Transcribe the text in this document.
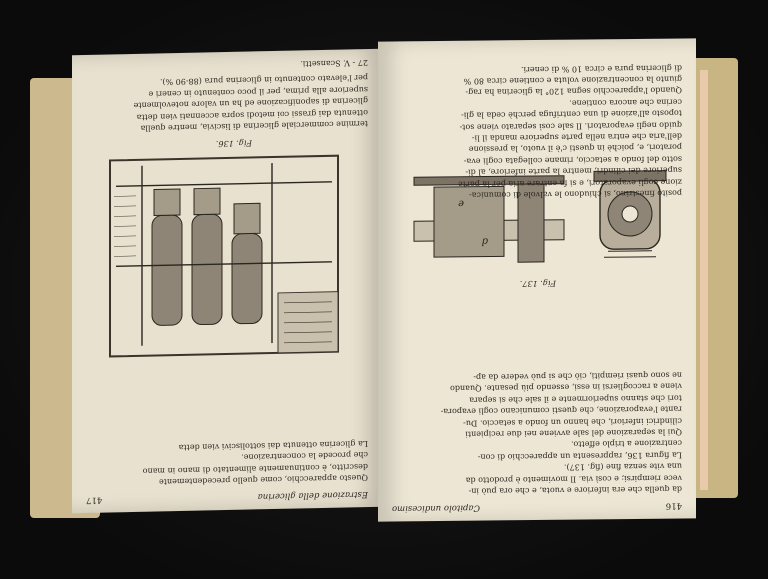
Estrazione della glicerina
417
Questo apparecchio, come quello precedentemente
descritto, è continuamente alimentato di mano in mano
che procede la concentrazione.
La glicerina ottenuta dai sottoliscivi vien detta
Fig. 136.
termine commerciale glicerina di liscivia, mentre quella
ottenuta dai grassi coi metodi sopra accennati vien detta
glicerina di saponificazione ed ha un valore notevolmente
superiore alla prima, per il poco contenuto in ceneri e
per l'elevato contenuto in glicerina pura (88-90 %).
27 - V. Scansetti.
416
Capitolo undicesimo
da quella che era inferiore e vuota, e che ora può in-
vece riempirsi; e così via. Il movimento è prodotto da
una vite senza fine (fig. 137).
La figura 136, rappresenta un apparecchio di con-
centrazione a triplo effetto.
Qui la separazione del sale avviene nei due recipienti
cilindrici inferiori, che hanno un fondo a setaccio. Du-
rante l'evaporazione, che questi comunicano cogli evapora-
tori che stanno superiormente e il sale che si separa
viene a raccogliersi in essi, essendo più pesante. Quando
ne sono quasi riempiti, ciò che si può vedere da ap-
d
e
Fig. 137.
posito finestrino, si chiudono le valvole di comunica-
zione cogli evaporatori, e si fa entrare aria per la parte
superiore dei cilindri, mentre la parte inferiore, al di-
sotto del fondo a setaccio, rimane collegata cogli eva-
poratori, e, poichè in questi c'è il vuoto, la pressione
dell'aria che entra nella parte superiore manda il li-
quido negli evaporatori. Il sale così separato viene sot-
toposto all'azione di una centrifuga perchè ceda la gli-
cerina che ancora contiene.
Quando l'apparecchio segna 120° la glicerina ha rag-
giunto la concentrazione voluta e contiene circa 80 %
di glicerina pura e circa 10 % di ceneri.
